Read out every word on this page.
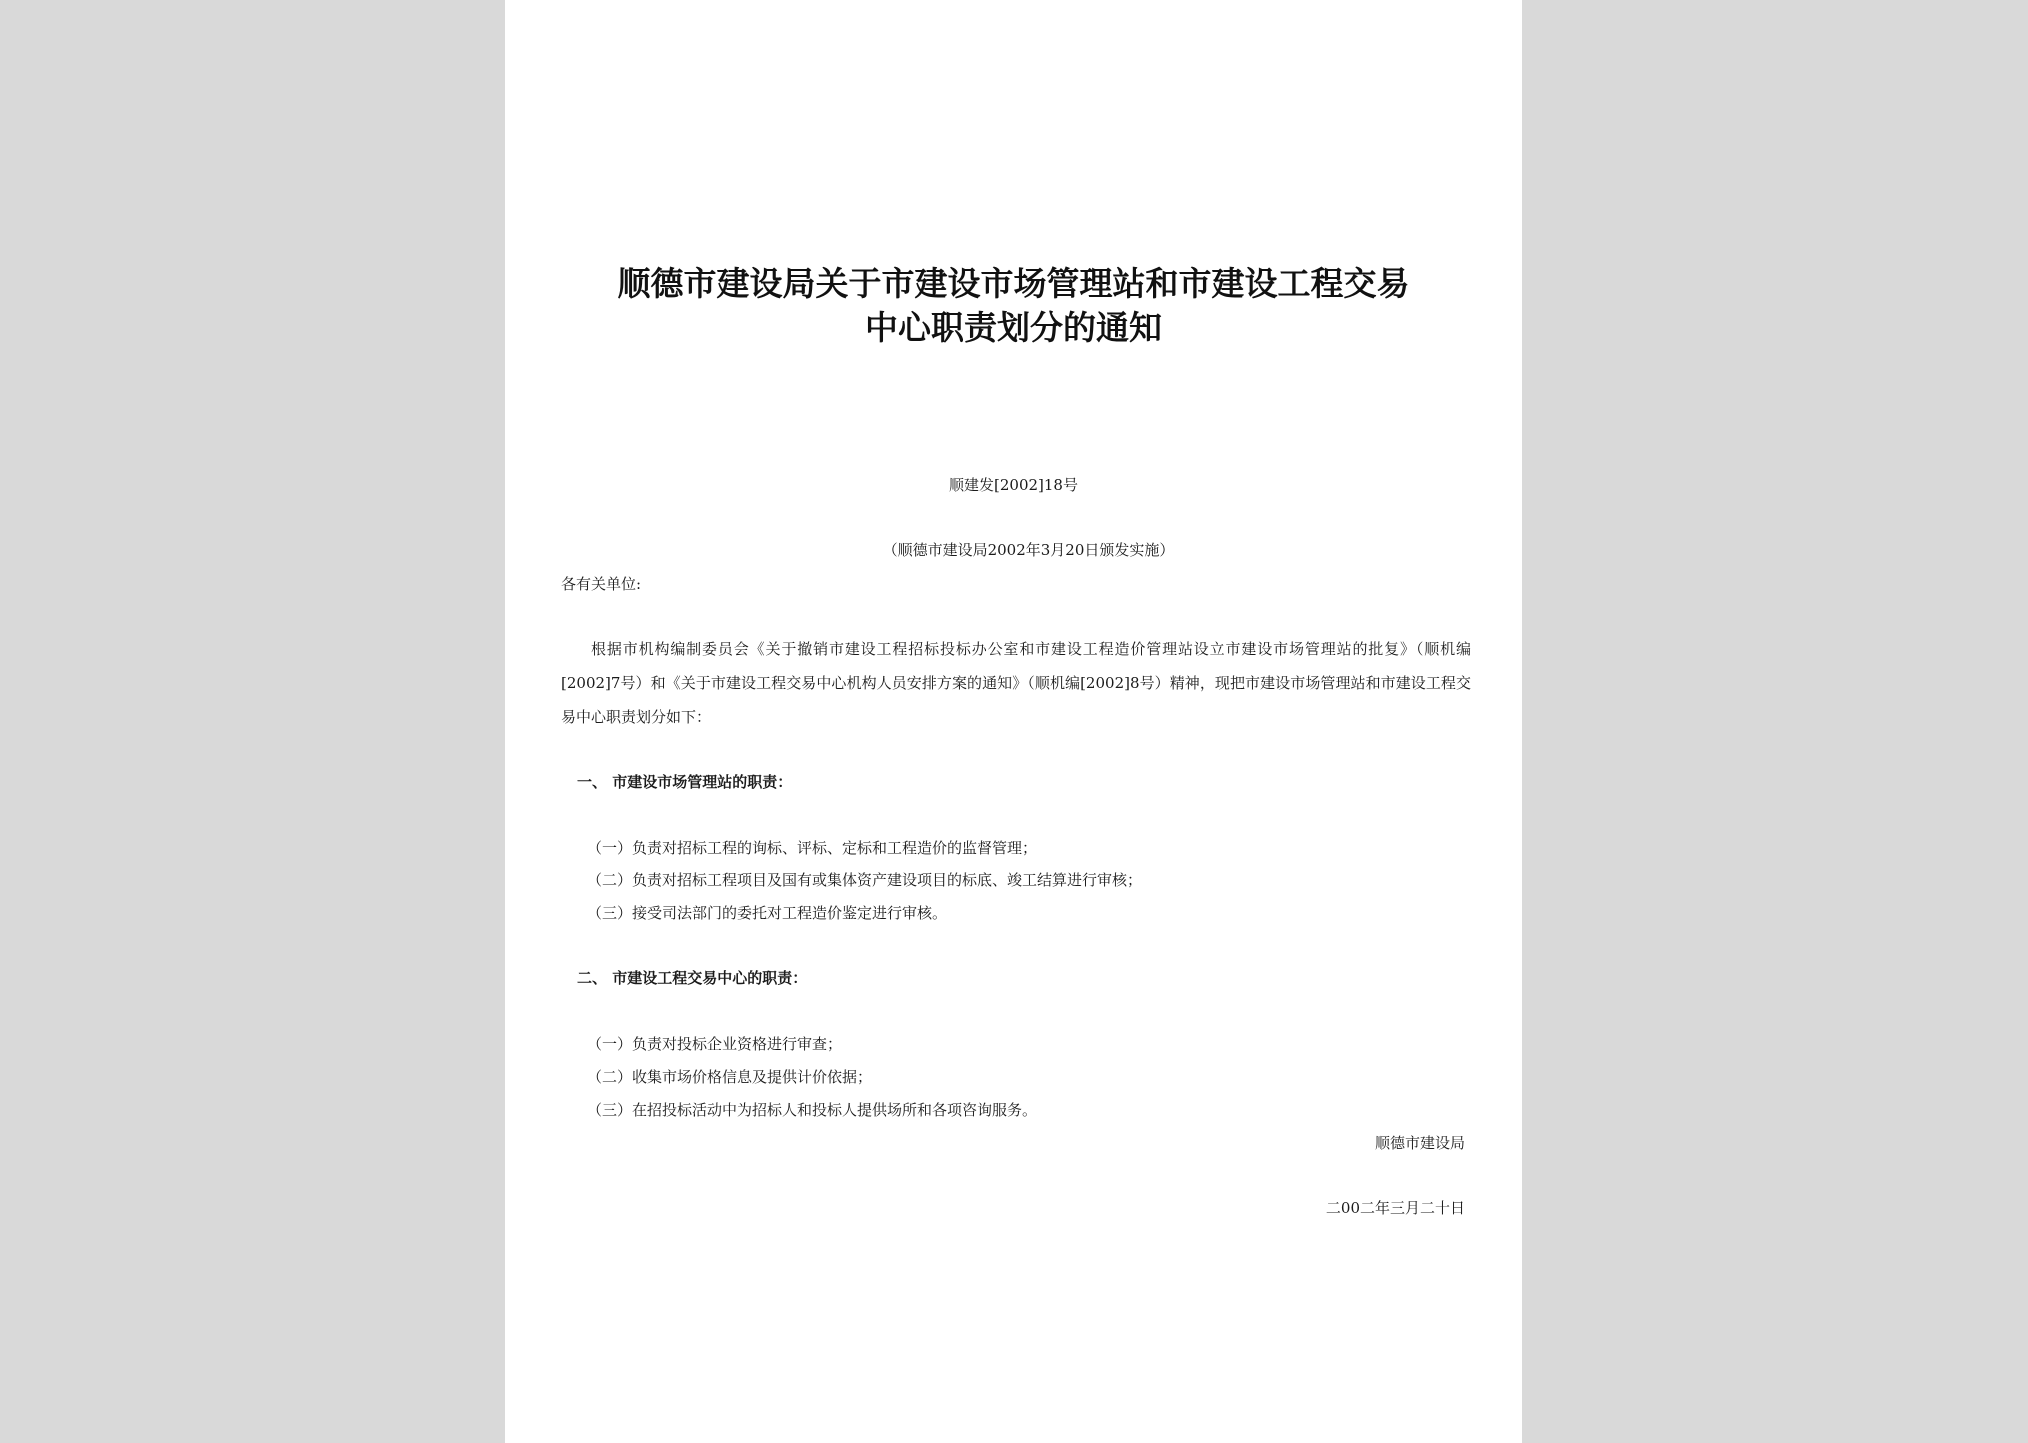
顺德市建设局关于市建设市场管理站和市建设工程交易
中心职责划分的通知
顺建发[2002]18号
（顺德市建设局2002年3月20日颁发实施）
各有关单位:
根据市机构编制委员会《关于撤销市建设工程招标投标办公室和市建设工程造价管理站设立市建设市场管理站的批复》（顺机编[2002]7号）和《关于市建设工程交易中心机构人员安排方案的通知》（顺机编[2002]8号）精神，现把市建设市场管理站和市建设工程交易中心职责划分如下：
一、 市建设市场管理站的职责：
（一）负责对招标工程的询标、评标、定标和工程造价的监督管理；
（二）负责对招标工程项目及国有或集体资产建设项目的标底、竣工结算进行审核；
（三）接受司法部门的委托对工程造价鉴定进行审核。
二、 市建设工程交易中心的职责：
（一）负责对投标企业资格进行审查；
（二）收集市场价格信息及提供计价依据；
（三）在招投标活动中为招标人和投标人提供场所和各项咨询服务。
顺德市建设局
二00二年三月二十日
